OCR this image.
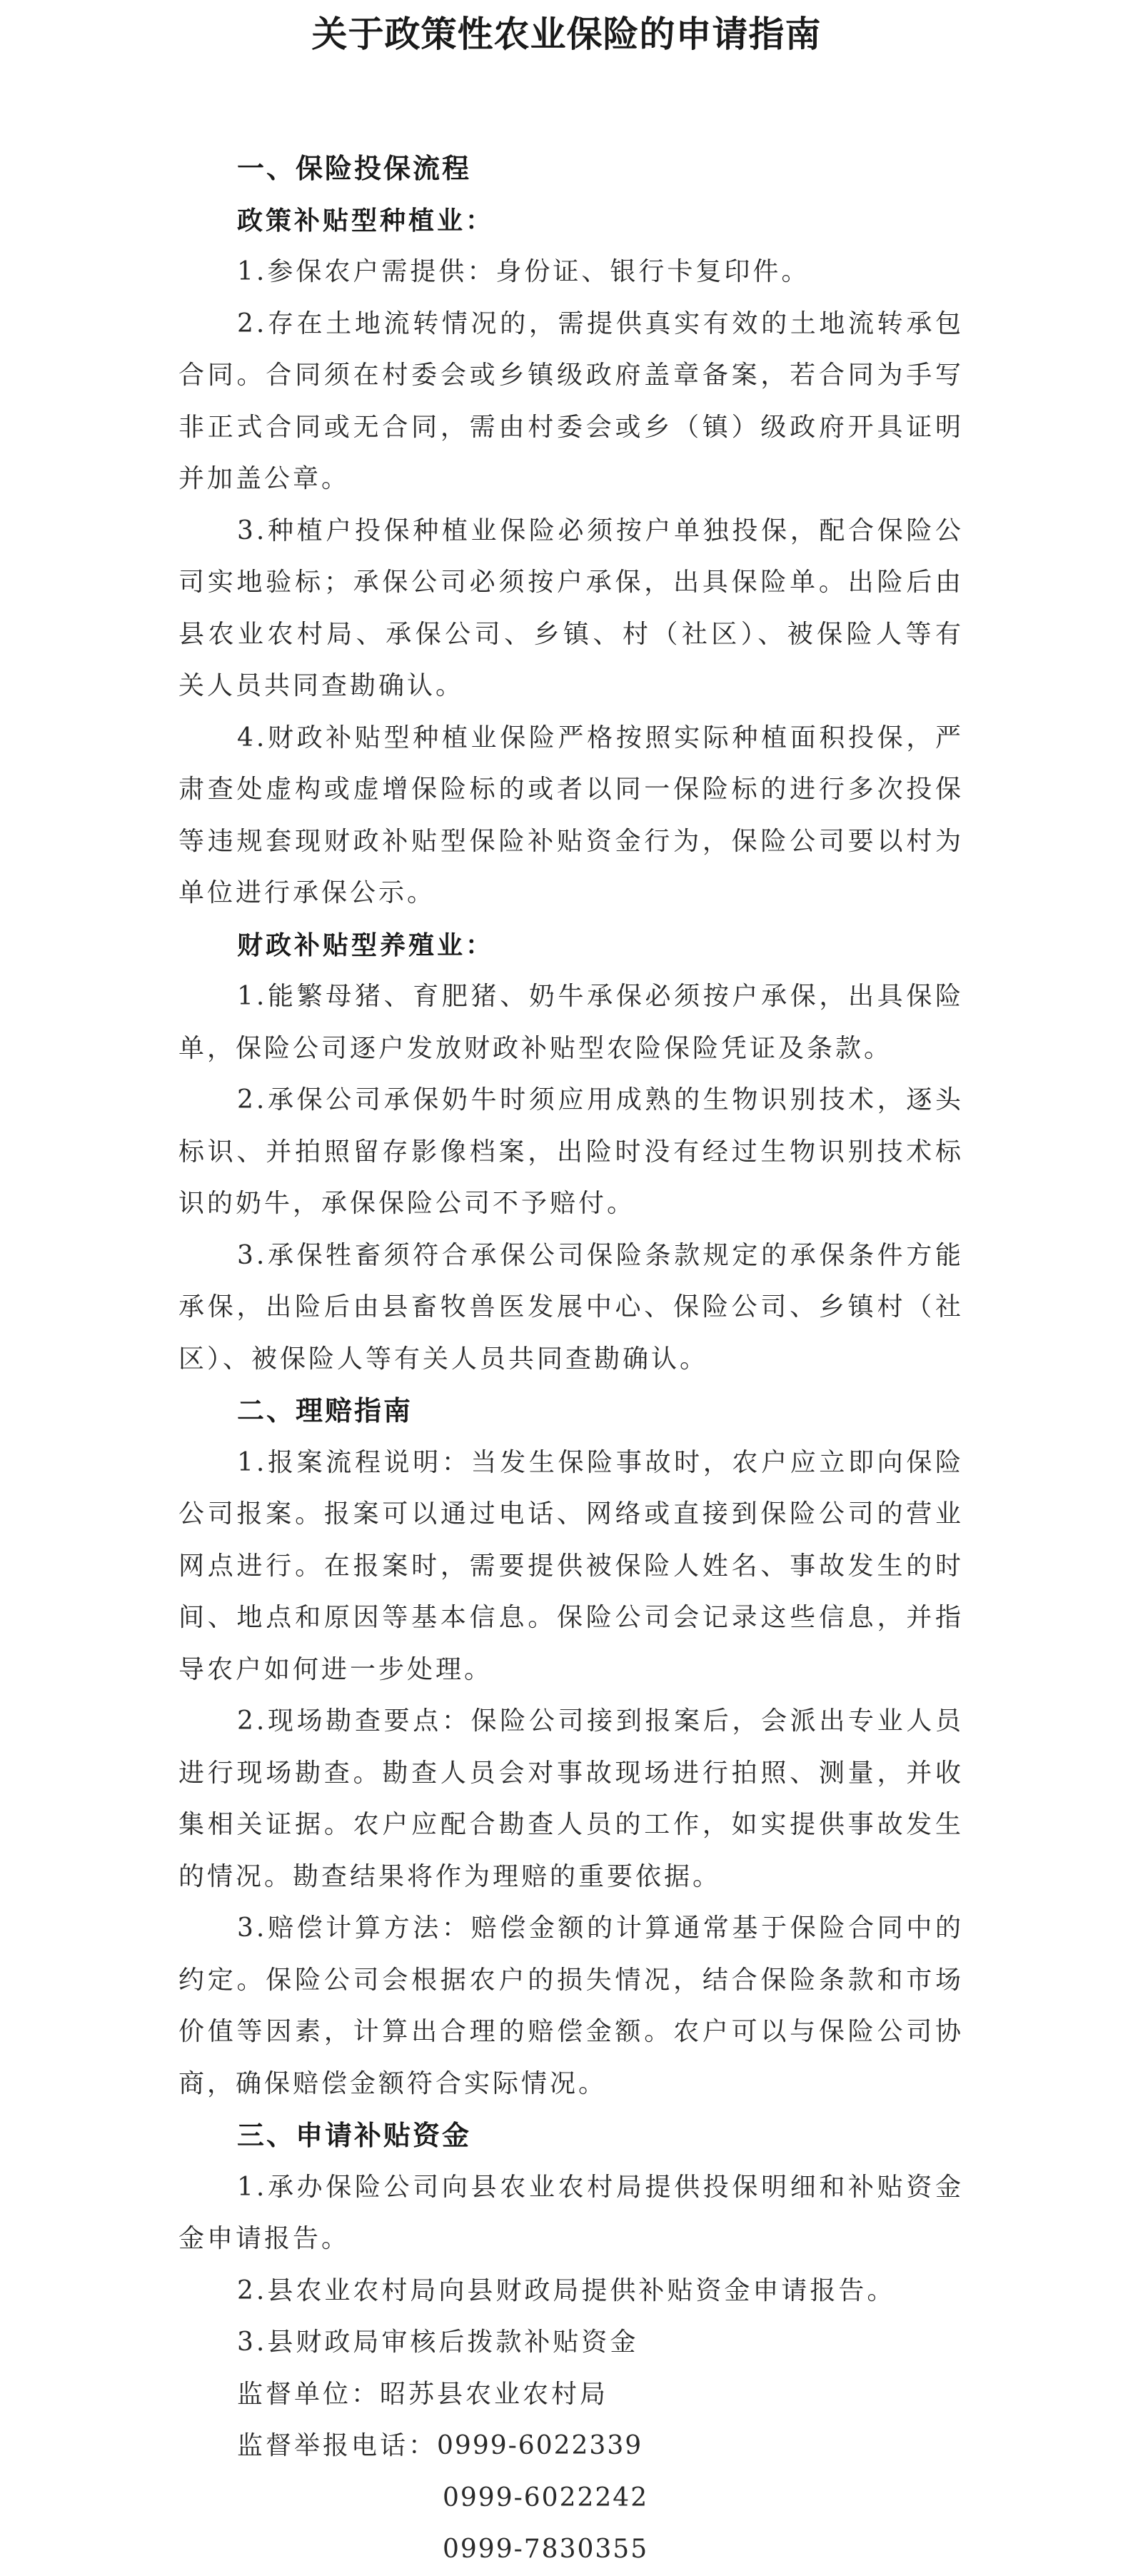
关于政策性农业保险的申请指南
一、保险投保流程
政策补贴型种植业：
1.参保农户需提供：身份证、银行卡复印件。
2.存在土地流转情况的，需提供真实有效的土地流转承包合同。合同须在村委会或乡镇级政府盖章备案，若合同为手写非正式合同或无合同，需由村委会或乡（镇）级政府开具证明并加盖公章。
3.种植户投保种植业保险必须按户单独投保，配合保险公司实地验标；承保公司必须按户承保，出具保险单。出险后由县农业农村局、承保公司、乡镇、村（社区）、被保险人等有关人员共同查勘确认。
4.财政补贴型种植业保险严格按照实际种植面积投保，严肃查处虚构或虚增保险标的或者以同一保险标的进行多次投保等违规套现财政补贴型保险补贴资金行为，保险公司要以村为单位进行承保公示。
财政补贴型养殖业：
1.能繁母猪、育肥猪、奶牛承保必须按户承保，出具保险单，保险公司逐户发放财政补贴型农险保险凭证及条款。
2.承保公司承保奶牛时须应用成熟的生物识别技术，逐头标识、并拍照留存影像档案，出险时没有经过生物识别技术标识的奶牛，承保保险公司不予赔付。
3.承保牲畜须符合承保公司保险条款规定的承保条件方能承保，出险后由县畜牧兽医发展中心、保险公司、乡镇村（社区）、被保险人等有关人员共同查勘确认。
二、理赔指南
1.报案流程说明：当发生保险事故时，农户应立即向保险公司报案。报案可以通过电话、网络或直接到保险公司的营业网点进行。在报案时，需要提供被保险人姓名、事故发生的时间、地点和原因等基本信息。保险公司会记录这些信息，并指导农户如何进一步处理。
2.现场勘查要点：保险公司接到报案后，会派出专业人员进行现场勘查。勘查人员会对事故现场进行拍照、测量，并收集相关证据。农户应配合勘查人员的工作，如实提供事故发生的情况。勘查结果将作为理赔的重要依据。
3.赔偿计算方法：赔偿金额的计算通常基于保险合同中的约定。保险公司会根据农户的损失情况，结合保险条款和市场价值等因素，计算出合理的赔偿金额。农户可以与保险公司协商，确保赔偿金额符合实际情况。
三、申请补贴资金
1.承办保险公司向县农业农村局提供投保明细和补贴资金金申请报告。
2.县农业农村局向县财政局提供补贴资金申请报告。
3.县财政局审核后拨款补贴资金
监督单位：昭苏县农业农村局
监督举报电话：0999-6022339
0999-6022242
0999-7830355
